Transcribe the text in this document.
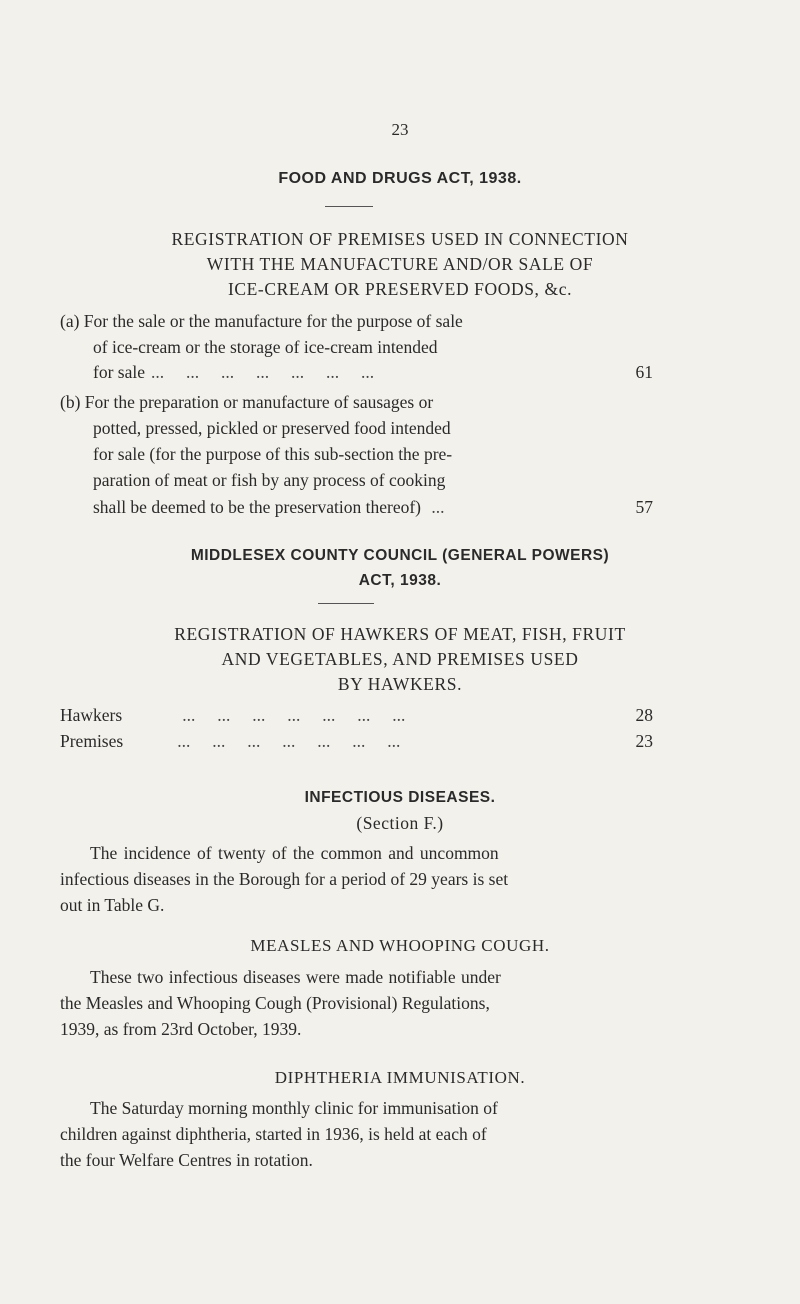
23
FOOD AND DRUGS ACT, 1938.
REGISTRATION OF PREMISES USED IN CONNECTION
WITH THE MANUFACTURE AND/OR SALE OF
ICE-CREAM OR PRESERVED FOODS, &c.
(a) For the sale or the manufacture for the purpose of sale
of ice-cream or the storage of ice-cream intended
for sale ...     ...     ...     ...     ...     ...     ...	61
(b) For the preparation or manufacture of sausages or
potted, pressed, pickled or preserved food intended
for sale (for the purpose of this sub-section the pre-
paration of meat or fish by any process of cooking
shall be deemed to be the preservation thereof) ...	57
MIDDLESEX COUNTY COUNCIL (GENERAL POWERS)
ACT, 1938.
REGISTRATION OF HAWKERS OF MEAT, FISH, FRUIT
AND VEGETABLES, AND PREMISES USED
BY HAWKERS.
Hawkers	...     ...     ...     ...     ...     ...     ...	28
Premises	...     ...     ...     ...     ...     ...     ...	23
INFECTIOUS DISEASES.
(Section F.)
The incidence of twenty of the common and uncommon
infectious diseases in the Borough for a period of 29 years is set
out in Table G.
MEASLES AND WHOOPING COUGH.
These two infectious diseases were made notifiable under
the Measles and Whooping Cough (Provisional) Regulations,
1939, as from 23rd October, 1939.
DIPHTHERIA IMMUNISATION.
The Saturday morning monthly clinic for immunisation of
children against diphtheria, started in 1936, is held at each of
the four Welfare Centres in rotation.
